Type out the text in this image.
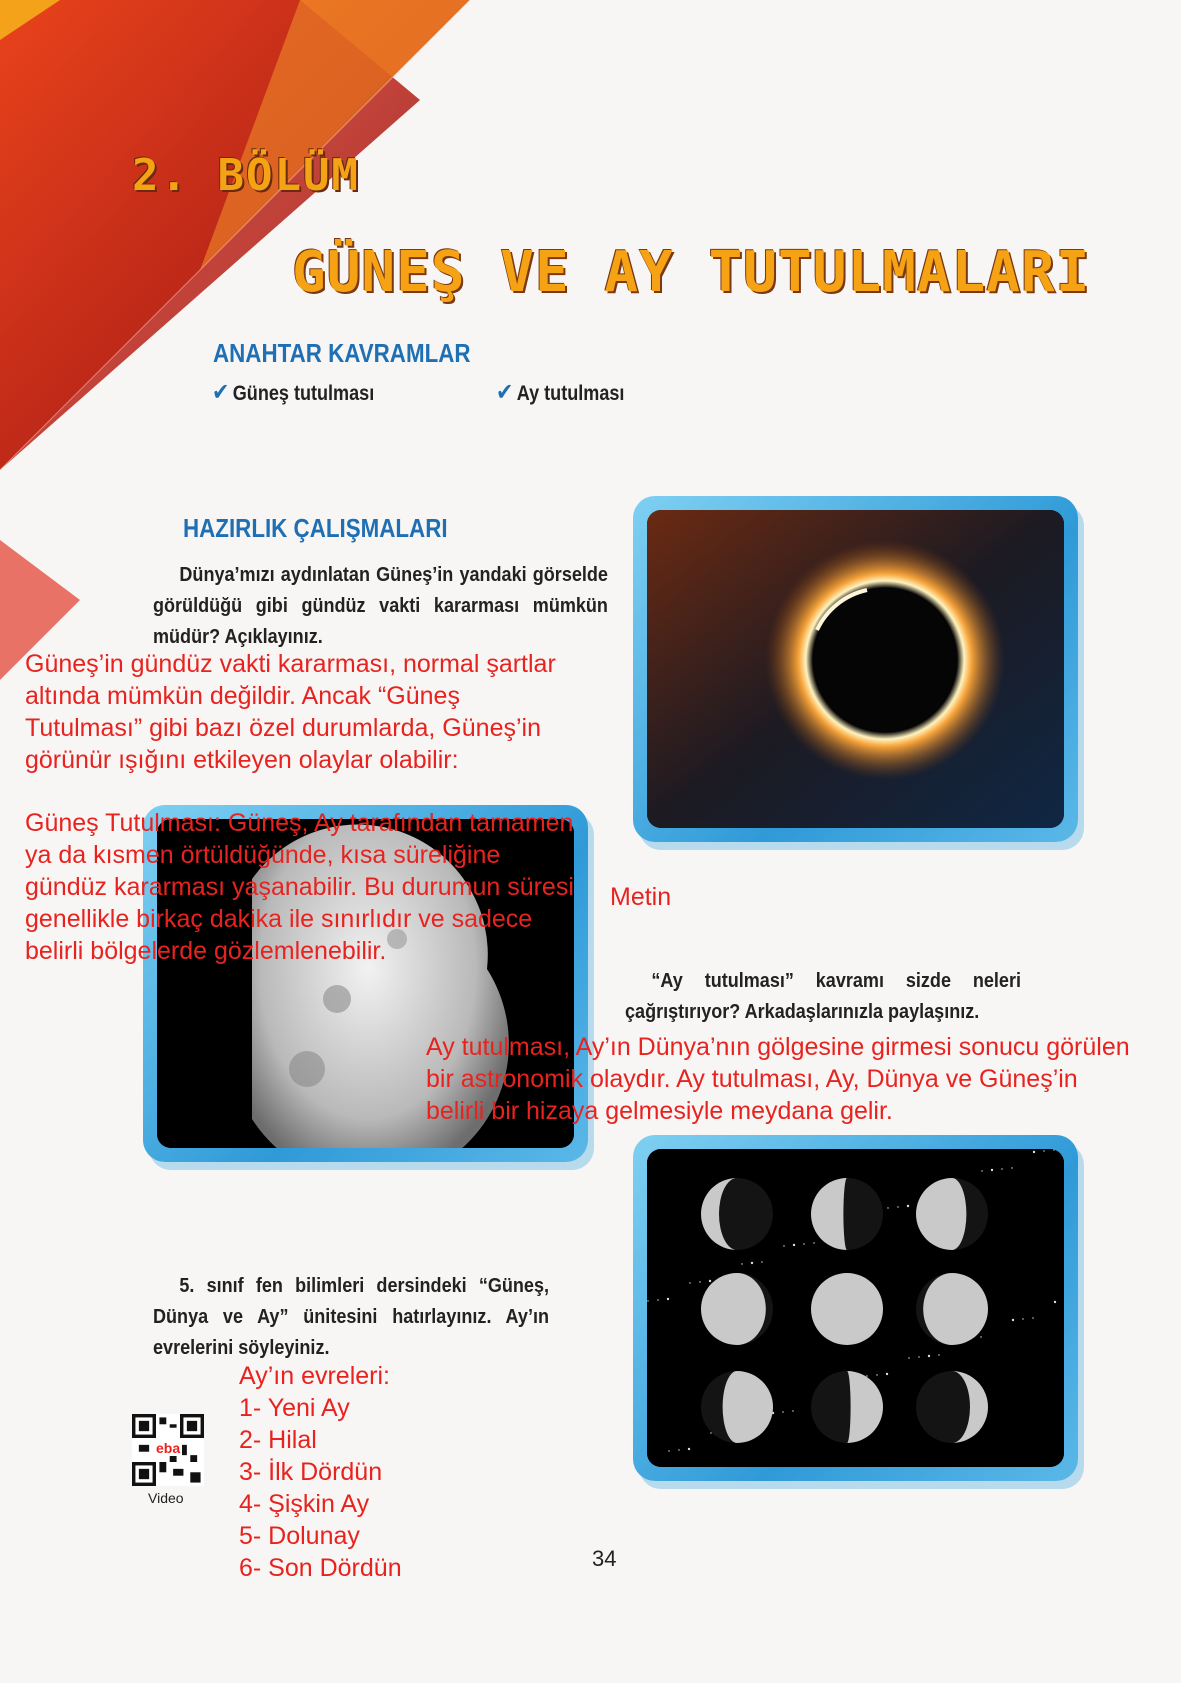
2. BÖLÜM
GÜNEŞ VE AY TUTULMALARI
ANAHTAR KAVRAMLAR
✔ Güneş tutulması	✔ Ay tutulması
HAZIRLIK ÇALIŞMALARI
Dünya’mızı aydınlatan Güneş’in yandaki görselde görüldüğü gibi gündüz vakti kararması mümkün müdür? Açıklayınız.
Güneş’in gündüz vakti kararması, normal şartlar
altında mümkün değildir. Ancak “Güneş
Tutulması” gibi bazı özel durumlarda, Güneş’in
görünür ışığını etkileyen olaylar olabilir:
Güneş Tutulması: Güneş, Ay tarafından tamamen
ya da kısmen örtüldüğünde, kısa süreliğine
gündüz kararması yaşanabilir. Bu durumun süresi
genellikle birkaç dakika ile sınırlıdır ve sadece
belirli bölgelerde gözlemlenebilir.
Metin
“Ay tutulması” kavramı sizde neleri çağrıştırıyor? Arkadaşlarınızla paylaşınız.
Ay tutulması, Ay’ın Dünya’nın gölgesine girmesi sonucu görülen
bir astronomik olaydır. Ay tutulması, Ay, Dünya ve Güneş’in
belirli bir hizaya gelmesiyle meydana gelir.
5. sınıf fen bilimleri dersindeki “Güneş, Dünya ve Ay” ünitesini hatırlayınız. Ay’ın evrelerini söyleyiniz.
Ay’ın evreleri:
1- Yeni Ay
2- Hilal
3- İlk Dördün
4- Şişkin Ay
5- Dolunay
6- Son Dördün
eba
Video
34
